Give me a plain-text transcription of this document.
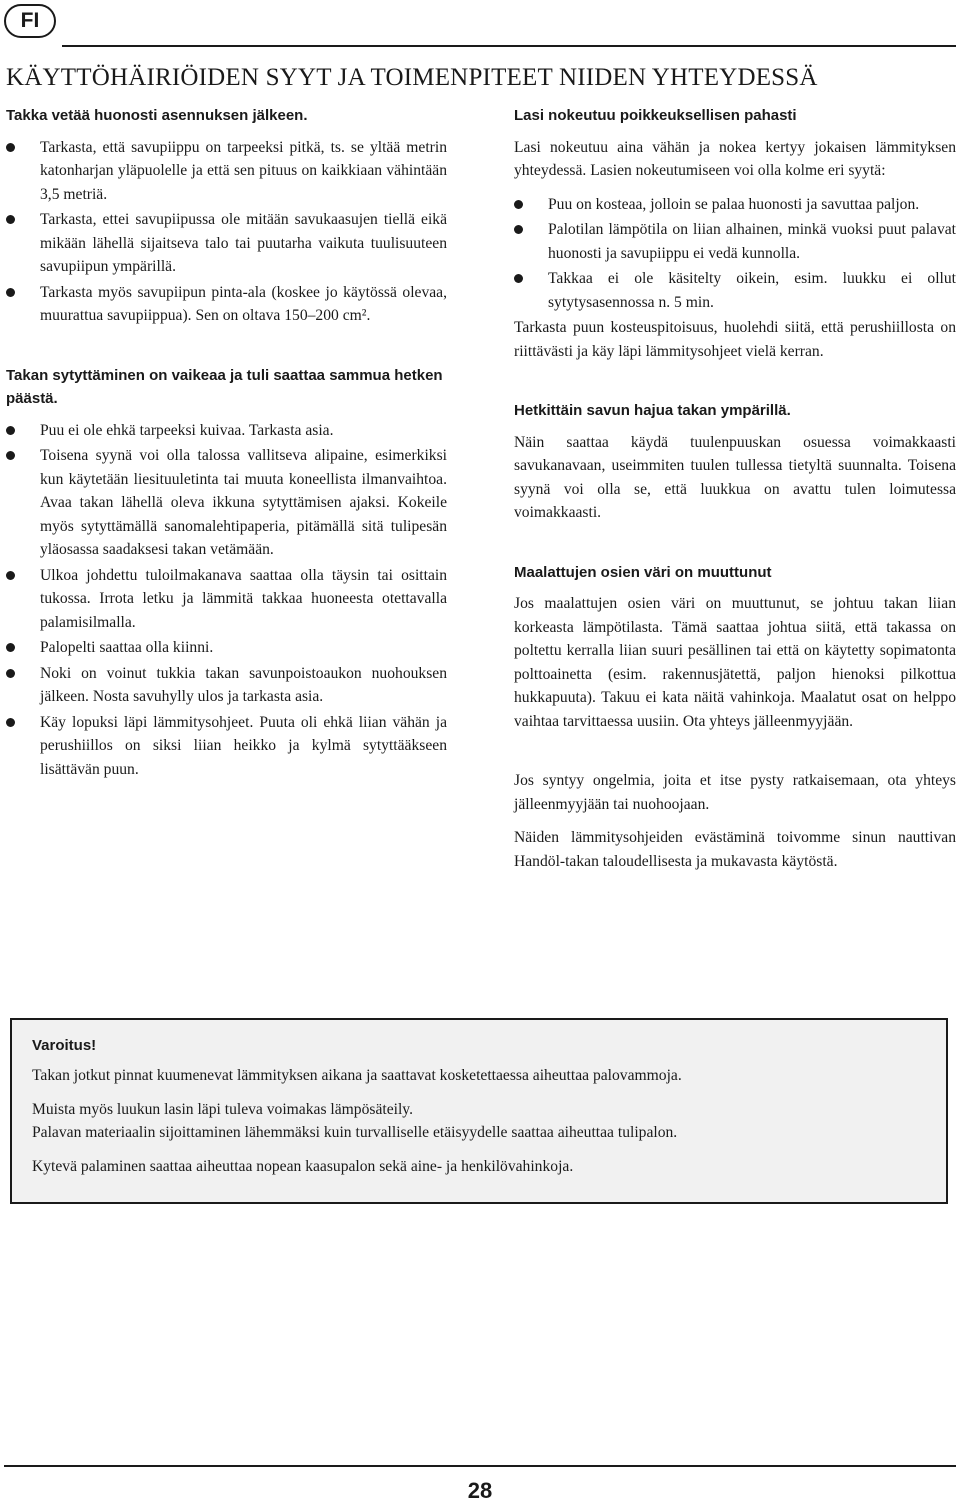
FI
KÄYTTÖHÄIRIÖIDEN SYYT JA TOIMENPITEET NIIDEN YHTEYDESSÄ
Takka vetää huonosti asennuksen jälkeen.
Tarkasta, että savupiippu on tarpeeksi pitkä, ts. se yltää metrin katonharjan yläpuolelle ja että sen pituus on kaikkiaan vähintään 3,5 metriä.
Tarkasta, ettei savupiipussa ole mitään savukaasujen tiellä eikä mikään lähellä sijaitseva talo tai puutarha vaikuta tuulisuuteen savupiipun ympärillä.
Tarkasta myös savupiipun pinta-ala (koskee jo käytössä olevaa, muurattua savupiippua). Sen on oltava 150–200 cm².
Takan sytyttäminen on vaikeaa ja tuli saattaa sammua hetken päästä.
Puu ei ole ehkä tarpeeksi kuivaa. Tarkasta asia.
Toisena syynä voi olla talossa vallitseva alipaine, esimerkiksi kun käytetään liesituuletinta tai muuta koneellista ilmanvaihtoa. Avaa takan lähellä oleva ikkuna sytyttämisen ajaksi. Kokeile myös sytyttämällä sanomalehtipaperia, pitämällä sitä tulipesän yläosassa saadaksesi takan vetämään.
Ulkoa johdettu tuloilmakanava saattaa olla täysin tai osittain tukossa. Irrota letku ja lämmitä takkaa huoneesta otettavalla palamisilmalla.
Palopelti saattaa olla kiinni.
Noki on voinut tukkia takan savunpoistoaukon nuohouksen jälkeen. Nosta savuhylly ulos ja tarkasta asia.
Käy lopuksi läpi lämmitysohjeet. Puuta oli ehkä liian vähän ja perushiillos on siksi liian heikko ja kylmä sytyttääkseen lisättävän puun.
Lasi nokeutuu poikkeuksellisen pahasti

Lasi nokeutuu aina vähän ja nokea kertyy jokaisen lämmityksen yhteydessä. Lasien nokeutumiseen voi olla kolme eri syytä:

Puu on kosteaa, jolloin se palaa huonosti ja savuttaa paljon.
Palotilan lämpötila on liian alhainen, minkä vuoksi puut palavat huonosti ja savupiippu ei vedä kunnolla.
Takkaa ei ole käsitelty oikein, esim. luukku ei ollut sytytysasennossa n. 5 min.

Tarkasta puun kosteuspitoisuus, huolehdi siitä, että perushiillosta on riittävästi ja käy läpi lämmitysohjeet vielä kerran.

Hetkittäin savun hajua takan ympärillä.

Näin saattaa käydä tuulenpuuskan osuessa voimakkaasti savukanavaan, useimmiten tuulen tullessa tietyltä suunnalta. Toisena syynä voi olla se, että luukkua on avattu tulen loimutessa voimakkaasti.

Maalattujen osien väri on muuttunut

Jos maalattujen osien väri on muuttunut, se johtuu takan liian korkeasta lämpötilasta. Tämä saattaa johtua siitä, että takassa on poltettu kerralla liian suuri pesällinen tai että on käytetty sopimatonta polttoainetta (esim. rakennusjätettä, paljon hienoksi pilkottua hukkapuuta). Takuu ei kata näitä vahinkoja. Maalatut osat on helppo vaihtaa tarvittaessa uusiin. Ota yhteys jälleenmyyjään.

Jos syntyy ongelmia, joita et itse pysty ratkaisemaan, ota yhteys jälleenmyyjään tai nuohoojaan.

Näiden lämmitysohjeiden evästäminä toivomme sinun nauttivan Handöl-takan taloudellisesta ja mukavasta käytöstä.

Varoitus!

Takan jotkut pinnat kuumenevat lämmityksen aikana ja saattavat kosketettaessa aiheuttaa palovammoja.

Muista myös luukun lasin läpi tuleva voimakas lämpösäteily.

Palavan materiaalin sijoittaminen lähemmäksi kuin turvalliselle etäisyydelle saattaa aiheuttaa tulipalon.

Kytevä palaminen saattaa aiheuttaa nopean kaasupalon sekä aine- ja henkilövahinkoja.

28
